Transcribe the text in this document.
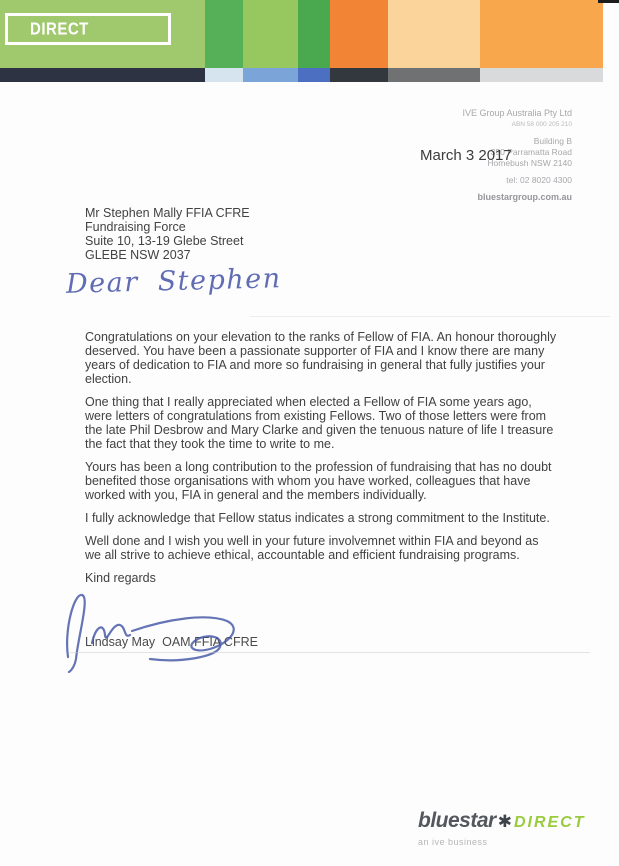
DIRECT
IVE Group Australia Pty Ltd
ABN 58 000 205 210
Building B
350 Parramatta Road
Homebush NSW 2140
tel: 02 8020 4300
bluestargroup.com.au
March 3 2017
Mr Stephen Mally FFIA CFRE
Fundraising Force
Suite 10, 13-19 Glebe Street
GLEBE NSW 2037
Dear Stephen

Congratulations on your elevation to the ranks of Fellow of FIA. An honour thoroughly deserved. You have been a passionate supporter of FIA and I know there are many years of dedication to FIA and more so fundraising in general that fully justifies your election.

One thing that I really appreciated when elected a Fellow of FIA some years ago, were letters of congratulations from existing Fellows. Two of those letters were from the late Phil Desbrow and Mary Clarke and given the tenuous nature of life I treasure the fact that they took the time to write to me.

Yours has been a long contribution to the profession of fundraising that has no doubt benefited those organisations with whom you have worked, colleagues that have worked with you, FIA in general and the members individually.

I fully acknowledge that Fellow status indicates a strong commitment to the Institute.

Well done and I wish you well in your future involvemnet within FIA and beyond as we all strive to achieve ethical, accountable and efficient fundraising programs.

Kind regards
Lindsay May  OAM FFIA CFRE
bluestar ✱ DIRECT
an ive business
